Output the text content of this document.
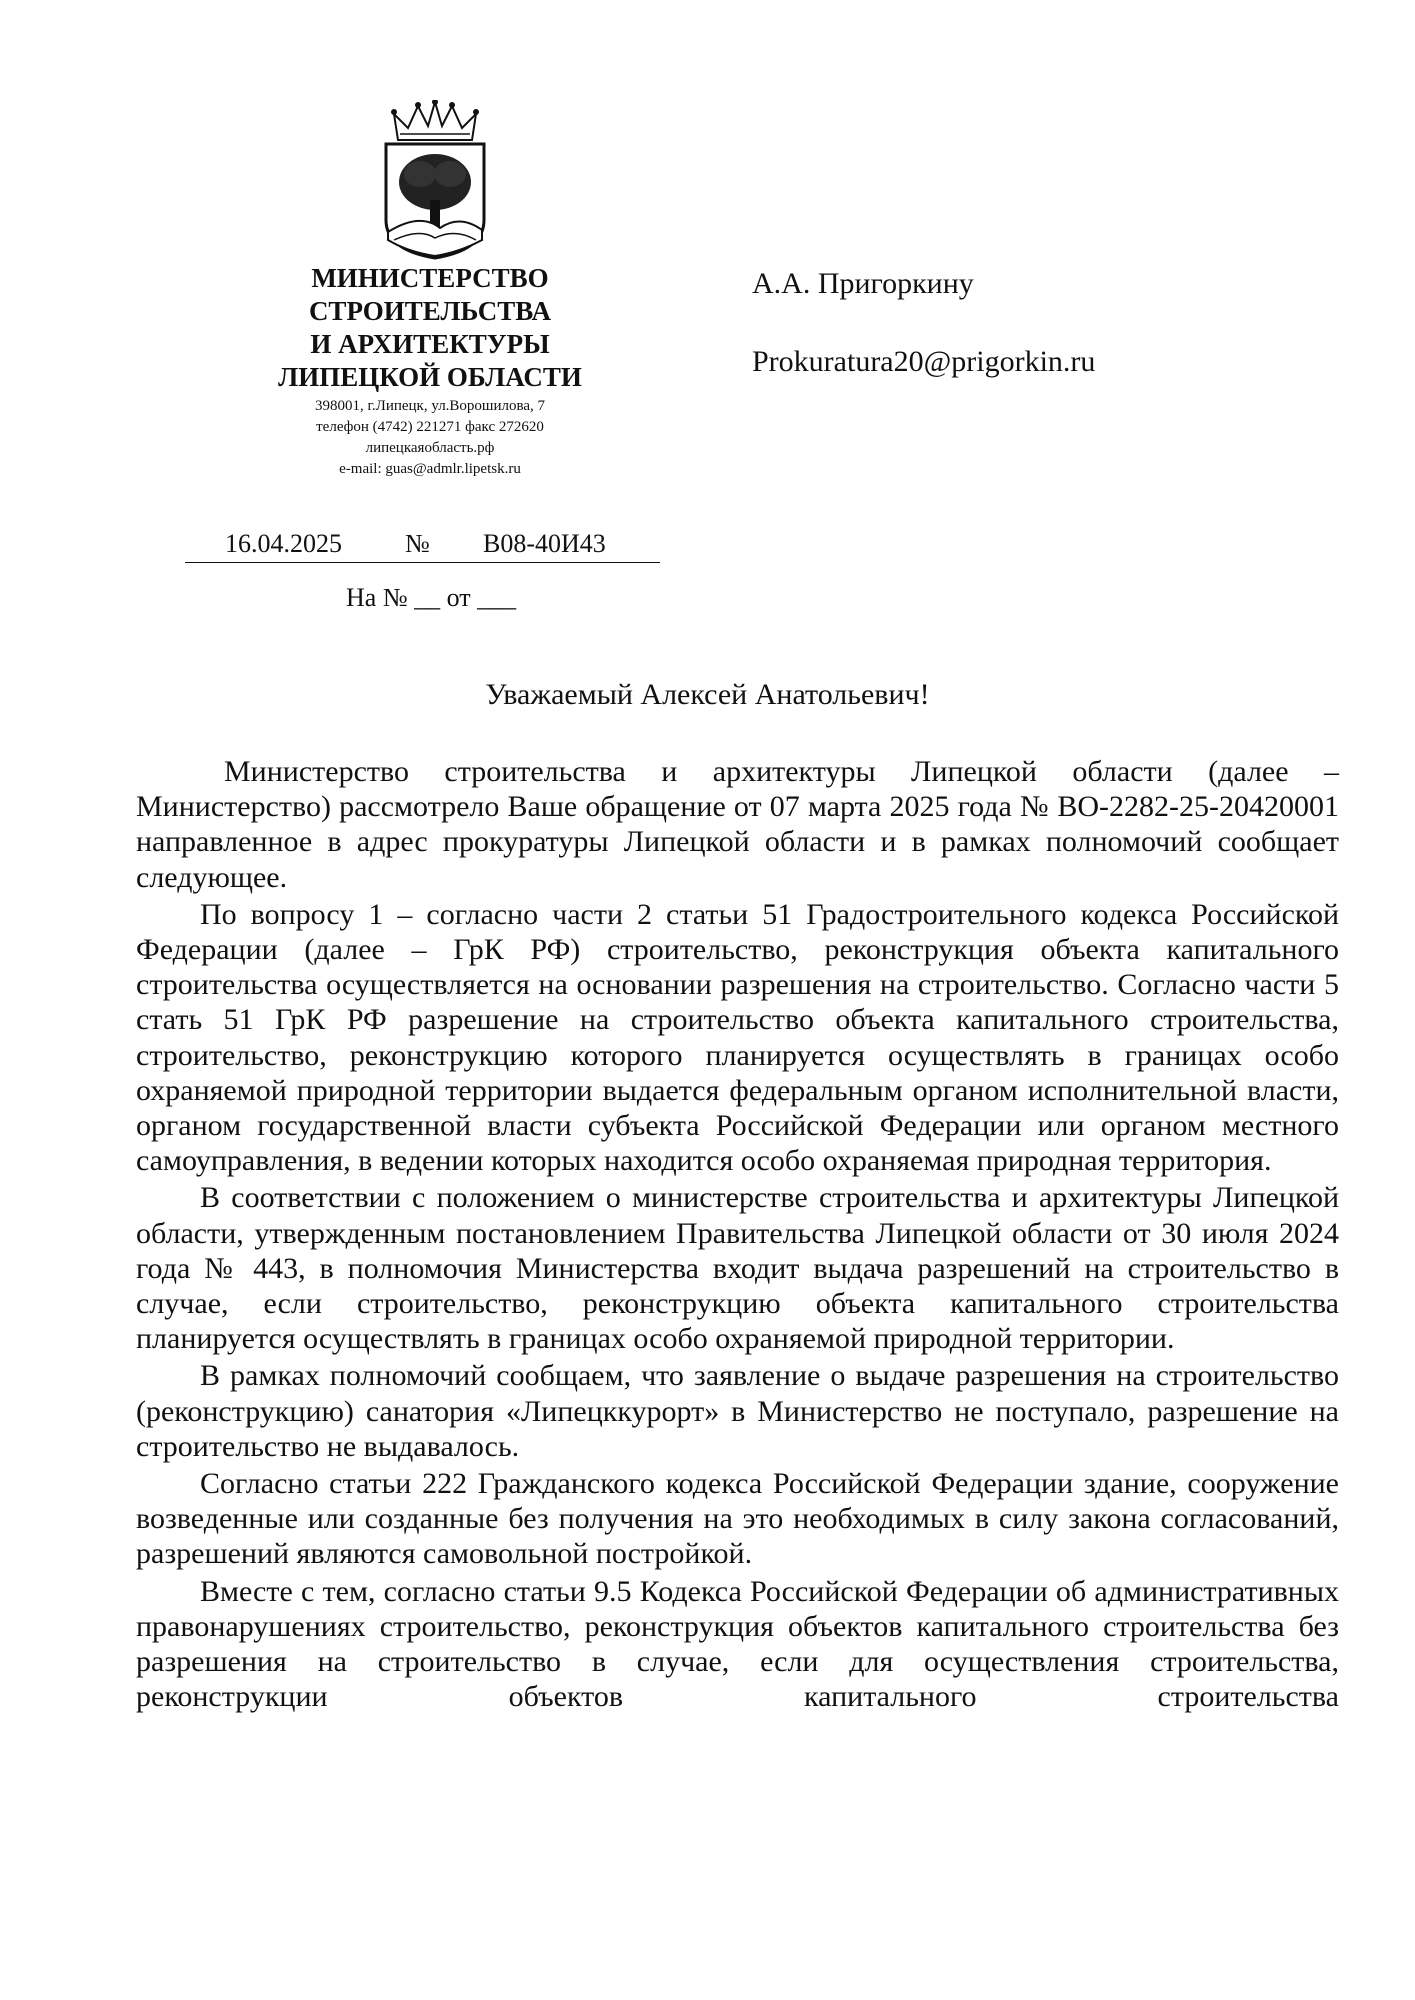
МИНИСТЕРСТВО
СТРОИТЕЛЬСТВА
И АРХИТЕКТУРЫ
ЛИПЕЦКОЙ ОБЛАСТИ
398001, г.Липецк, ул.Ворошилова, 7
телефон (4742) 221271 факс 272620
липецкаяобласть.рф
e-mail: guas@admlr.lipetsk.ru
А.А. Пригоркину
Prokuratura20@prigorkin.ru
16.04.2025 № В08-40И43
На № __ от ___
Уважаемый Алексей Анатольевич!

Министерство строительства и архитектуры Липецкой области (далее – Министерство) рассмотрело Ваше обращение от 07 марта 2025 года № ВО-2282-25-20420001 направленное в адрес прокуратуры Липецкой области и в рамках полномочий сообщает следующее.

По вопросу 1 – согласно части 2 статьи 51 Градостроительного кодекса Российской Федерации (далее – ГрК РФ) строительство, реконструкция объекта капитального строительства осуществляется на основании разрешения на строительство. Согласно части 5 стать 51 ГрК РФ разрешение на строительство объекта капитального строительства, строительство, реконструкцию которого планируется осуществлять в границах особо охраняемой природной территории выдается федеральным органом исполнительной власти, органом государственной власти субъекта Российской Федерации или органом местного самоуправления, в ведении которых находится особо охраняемая природная территория.

В соответствии с положением о министерстве строительства и архитектуры Липецкой области, утвержденным постановлением Правительства Липецкой области от 30 июля 2024 года № 443, в полномочия Министерства входит выдача разрешений на строительство в случае, если строительство, реконструкцию объекта капитального строительства планируется осуществлять в границах особо охраняемой природной территории.

В рамках полномочий сообщаем, что заявление о выдаче разрешения на строительство (реконструкцию) санатория «Липецккурорт» в Министерство не поступало, разрешение на строительство не выдавалось.

Согласно статьи 222 Гражданского кодекса Российской Федерации здание, сооружение возведенные или созданные без получения на это необходимых в силу закона согласований, разрешений являются самовольной постройкой.

Вместе с тем, согласно статьи 9.5 Кодекса Российской Федерации об административных правонарушениях строительство, реконструкция объектов капитального строительства без разрешения на строительство в случае, если для осуществления строительства, реконструкции объектов капитального строительства
